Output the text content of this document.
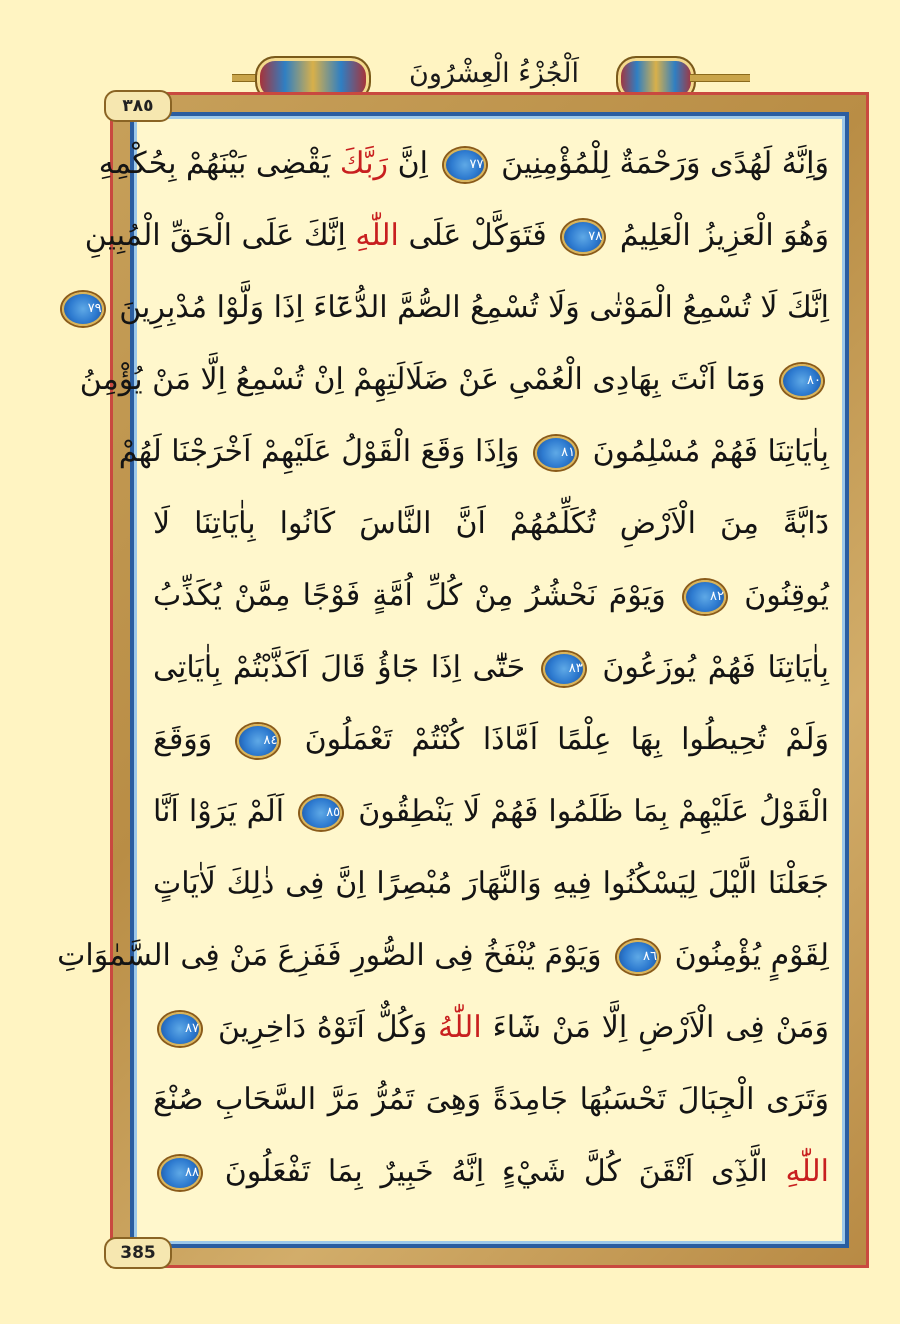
اَلْجُزْءُ الْعِشْرُونَ
وَاِنَّهُ لَهُدًى وَرَحْمَةٌ لِلْمُؤْمِنِينَ ٧٧ اِنَّ رَبَّكَ يَقْضِى بَيْنَهُمْ بِحُكْمِهِ
وَهُوَ الْعَزِيزُ الْعَلِيمُ ٧٨ فَتَوَكَّلْ عَلَى اللّٰهِ اِنَّكَ عَلَى الْحَقِّ الْمُبِينِ
اِنَّكَ لَا تُسْمِعُ الْمَوْتٰى وَلَا تُسْمِعُ الصُّمَّ الدُّعَٓاءَ اِذَا وَلَّوْا مُدْبِرِينَ ٧٩
٨٠ وَمَٓا اَنْتَ بِهَادِى الْعُمْىِ عَنْ ضَلَالَتِهِمْ اِنْ تُسْمِعُ اِلَّا مَنْ يُؤْمِنُ
بِاٰيَاتِنَا فَهُمْ مُسْلِمُونَ ٨١ وَاِذَا وَقَعَ الْقَوْلُ عَلَيْهِمْ اَخْرَجْنَا لَهُمْ
دَٓابَّةً مِنَ الْاَرْضِ تُكَلِّمُهُمْ اَنَّ النَّاسَ كَانُوا بِاٰيَاتِنَا لَا
يُوقِنُونَ ٨٢ وَيَوْمَ نَحْشُرُ مِنْ كُلِّ اُمَّةٍ فَوْجًا مِمَّنْ يُكَذِّبُ
بِاٰيَاتِنَا فَهُمْ يُوزَعُونَ ٨٣ حَتّٰٓى اِذَا جَٓاؤُ قَالَ اَكَذَّبْتُمْ بِاٰيَاتِى
وَلَمْ تُحِيطُوا بِهَا عِلْمًا اَمَّاذَا كُنْتُمْ تَعْمَلُونَ ٨٤ وَوَقَعَ
الْقَوْلُ عَلَيْهِمْ بِمَا ظَلَمُوا فَهُمْ لَا يَنْطِقُونَ ٨٥ اَلَمْ يَرَوْا اَنَّا
جَعَلْنَا الَّيْلَ لِيَسْكُنُوا فِيهِ وَالنَّهَارَ مُبْصِرًا اِنَّ فِى ذٰلِكَ لَاٰيَاتٍ
لِقَوْمٍ يُؤْمِنُونَ ٨٦ وَيَوْمَ يُنْفَخُ فِى الصُّورِ فَفَزِعَ مَنْ فِى السَّمٰوَاتِ
وَمَنْ فِى الْاَرْضِ اِلَّا مَنْ شَٓاءَ اللّٰهُ وَكُلٌّ اَتَوْهُ دَاخِرِينَ ٨٧
وَتَرَى الْجِبَالَ تَحْسَبُهَا جَامِدَةً وَهِىَ تَمُرُّ مَرَّ السَّحَابِ صُنْعَ
اللّٰهِ الَّذِٓى اَتْقَنَ كُلَّ شَيْءٍ اِنَّهُ خَبِيرٌ بِمَا تَفْعَلُونَ ٨٨
٣٨٥
385
